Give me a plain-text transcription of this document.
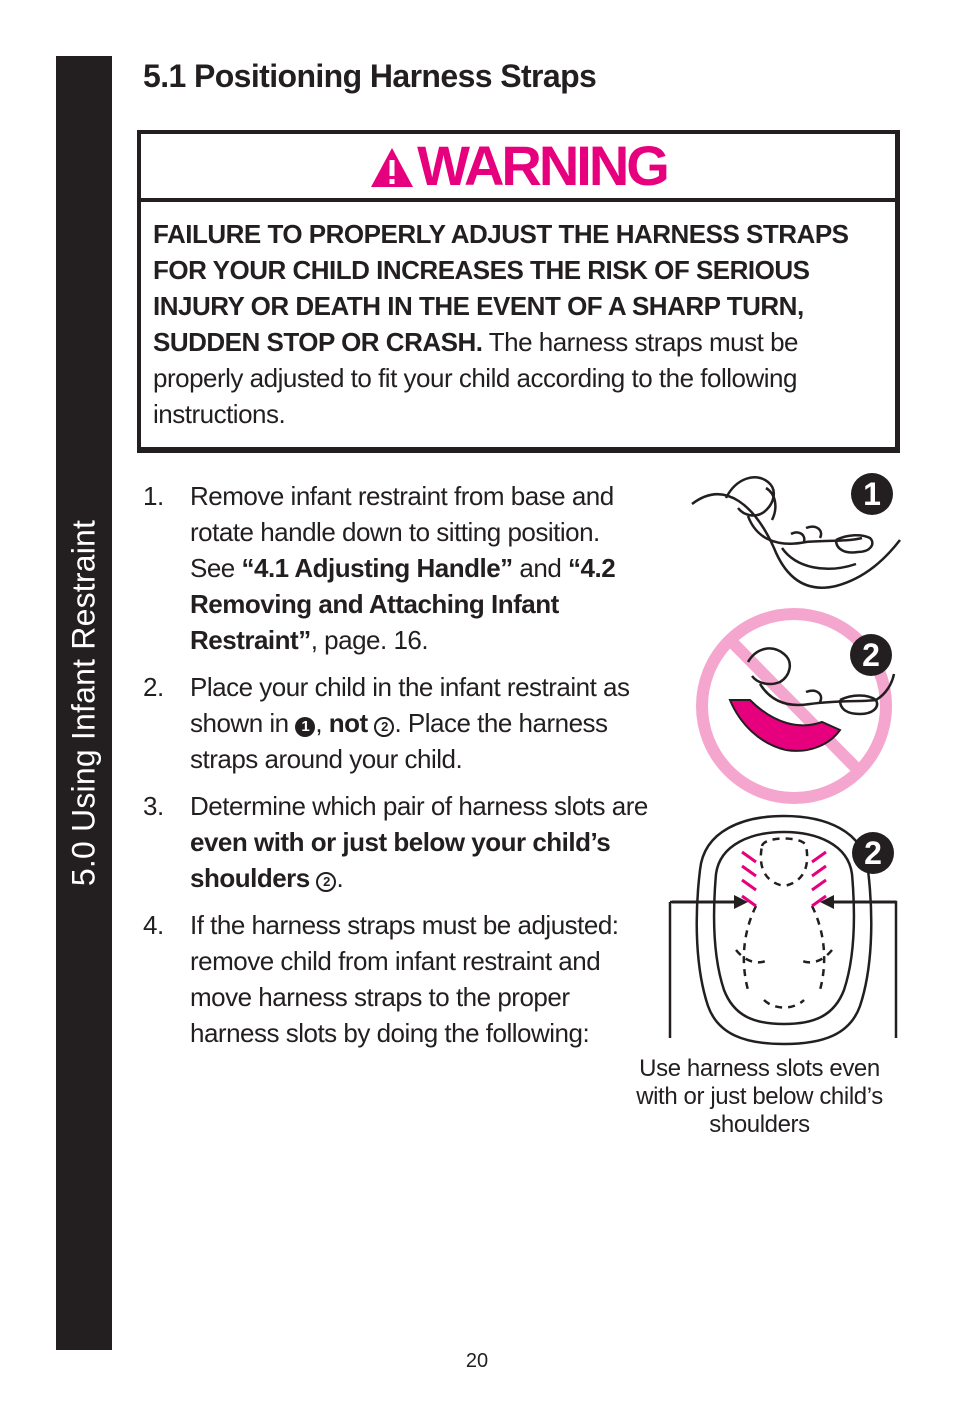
5.0 Using Infant Restraint
5.1 Positioning Harness Straps
WARNING
FAILURE TO PROPERLY ADJUST THE HARNESS STRAPS FOR YOUR CHILD INCREASES THE RISK OF SERIOUS INJURY OR DEATH IN THE EVENT OF A SHARP TURN, SUDDEN STOP OR CRASH. The harness straps must be properly adjusted to fit your child according to the following instructions.
1. Remove infant restraint from base and rotate handle down to sitting position. See “4.1 Adjusting Handle” and “4.2 Removing and Attaching Infant Restraint”, page. 16.
2. Place your child in the infant restraint as shown in 1 , not 2 . Place the harness straps around your child.
3. Determine which pair of harness slots are even with or just below your child’s shoulders 2 .
4. If the harness straps must be adjusted: remove child from infant restraint and move harness straps to the proper harness slots by doing the following:
1
2
2
Use harness slots even with or just below child’s shoulders
20
